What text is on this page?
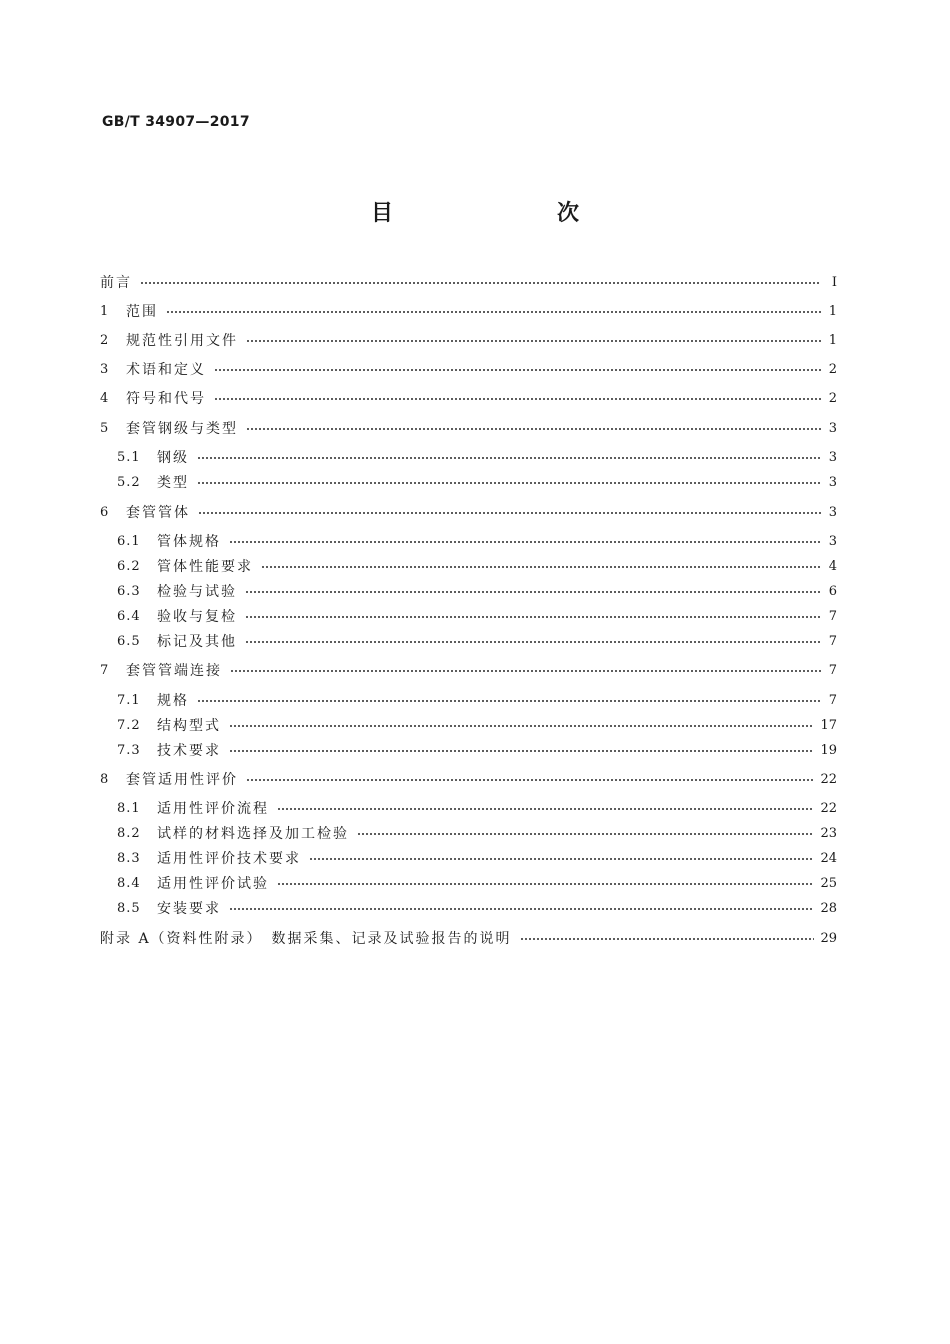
GB/T 34907—2017
目　　次
前言	Ⅰ
1	范围	1
2	规范性引用文件	1
3	术语和定义	2
4	符号和代号	2
5	套管钢级与类型	3
5.1	钢级	3
5.2	类型	3
6	套管管体	3
6.1	管体规格	3
6.2	管体性能要求	4
6.3	检验与试验	6
6.4	验收与复检	7
6.5	标记及其他	7
7	套管管端连接	7
7.1	规格	7
7.2	结构型式	17
7.3	技术要求	19
8	套管适用性评价	22
8.1	适用性评价流程	22
8.2	试样的材料选择及加工检验	23
8.3	适用性评价技术要求	24
8.4	适用性评价试验	25
8.5	安装要求	28
附录 A（资料性附录）　数据采集、记录及试验报告的说明	29
